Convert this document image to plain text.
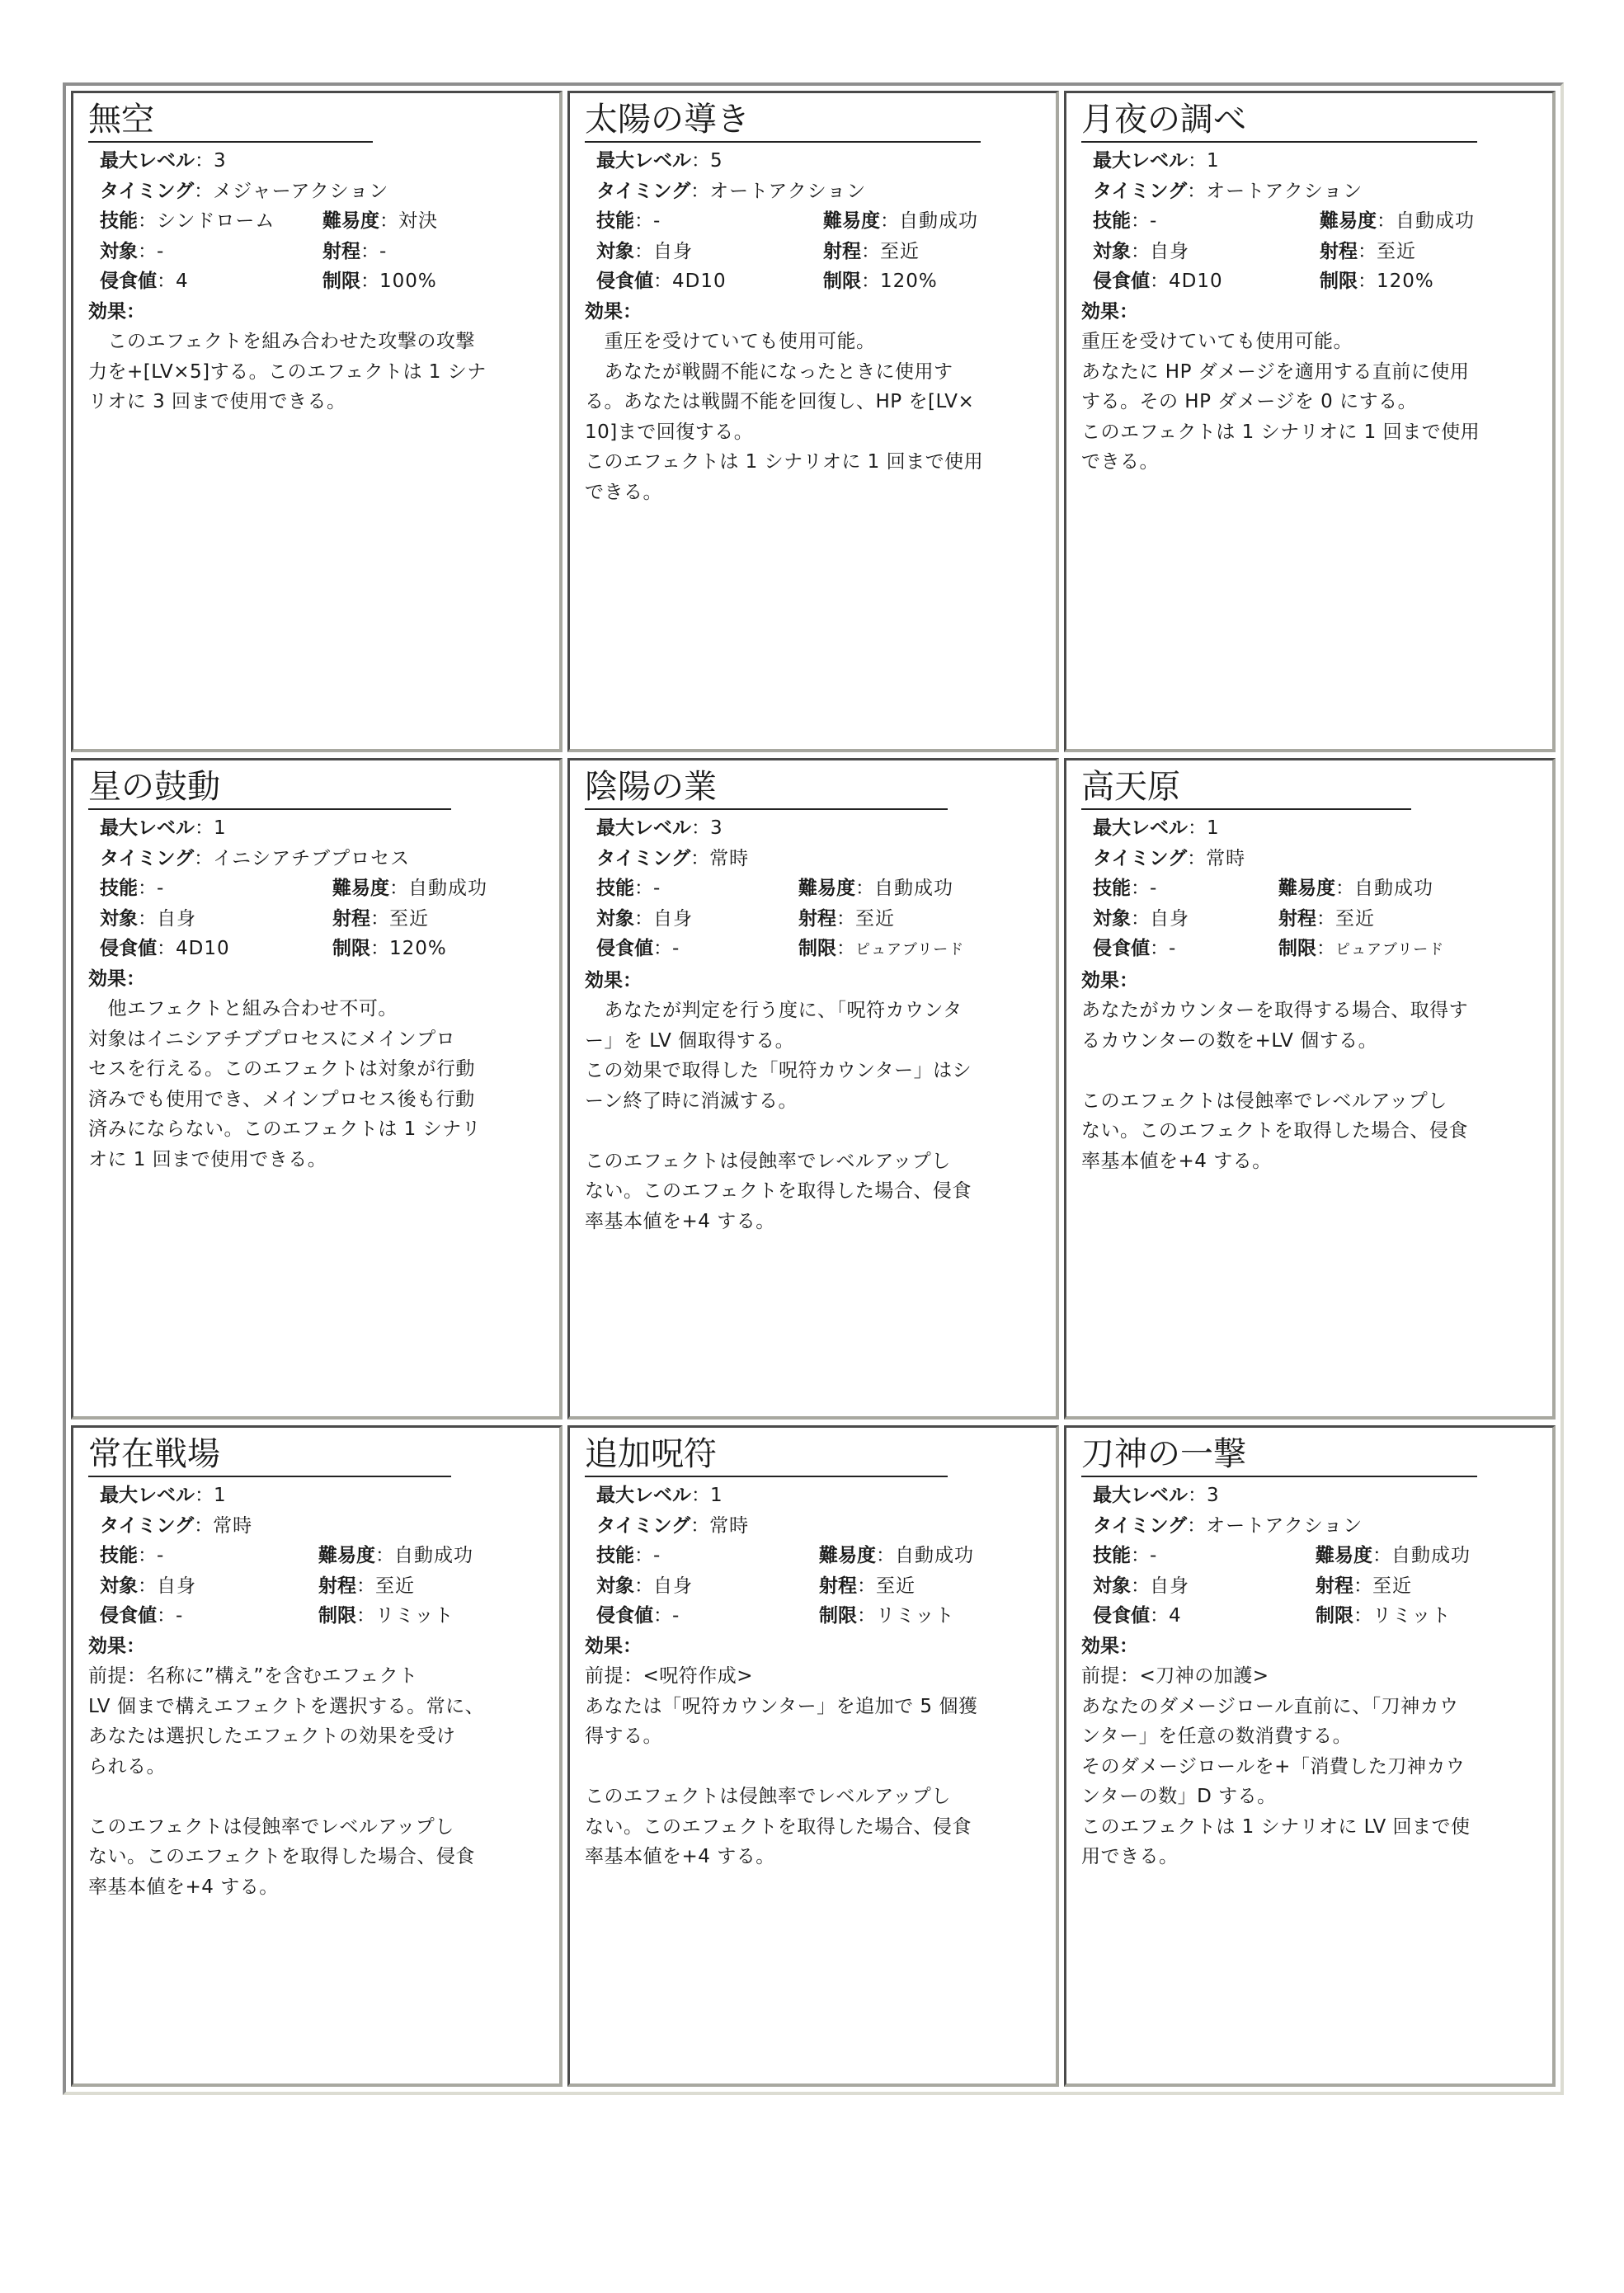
無空
最大レベル：3
タイミング：メジャーアクション
技能：シンドローム	難易度：対決
対象：-	射程：-
侵食値：4	制限：100%
効果：

　このエフェクトを組み合わせた攻撃の攻撃

力を+[LV×5]する。このエフェクトは 1 シナ

リオに 3 回まで使用できる。

太陽の導き
最大レベル：5
タイミング：オートアクション
技能：-	難易度：自動成功
対象：自身	射程：至近
侵食値：4D10	制限：120%
効果：

　重圧を受けていても使用可能。

　あなたが戦闘不能になったときに使用す

る。あなたは戦闘不能を回復し、HP を[LV×

10]まで回復する。

このエフェクトは 1 シナリオに 1 回まで使用

できる。

月夜の調べ
最大レベル：1
タイミング：オートアクション
技能：-	難易度：自動成功
対象：自身	射程：至近
侵食値：4D10	制限：120%
効果：

重圧を受けていても使用可能。

あなたに HP ダメージを適用する直前に使用

する。その HP ダメージを 0 にする。

このエフェクトは 1 シナリオに 1 回まで使用

できる。

星の鼓動
最大レベル：1
タイミング：イニシアチブプロセス
技能：-	難易度：自動成功
対象：自身	射程：至近
侵食値：4D10	制限：120%
効果：

　他エフェクトと組み合わせ不可。

対象はイニシアチブプロセスにメインプロ

セスを行える。このエフェクトは対象が行動

済みでも使用でき、メインプロセス後も行動

済みにならない。このエフェクトは 1 シナリ

オに 1 回まで使用できる。

陰陽の業
最大レベル：3
タイミング：常時
技能：-	難易度：自動成功
対象：自身	射程：至近
侵食値：-	制限：ピュアブリード
効果：

　あなたが判定を行う度に、「呪符カウンタ

ー」を LV 個取得する。

この効果で取得した「呪符カウンター」はシ

ーン終了時に消滅する。

このエフェクトは侵蝕率でレベルアップし

ない。このエフェクトを取得した場合、侵食

率基本値を+4 する。

高天原
最大レベル：1
タイミング：常時
技能：-	難易度：自動成功
対象：自身	射程：至近
侵食値：-	制限：ピュアブリード
効果：

あなたがカウンターを取得する場合、取得す

るカウンターの数を+LV 個する。

このエフェクトは侵蝕率でレベルアップし

ない。このエフェクトを取得した場合、侵食

率基本値を+4 する。

常在戦場
最大レベル：1
タイミング：常時
技能：-	難易度：自動成功
対象：自身	射程：至近
侵食値：-	制限：リミット
効果：

前提：名称に”構え”を含むエフェクト

LV 個まで構えエフェクトを選択する。常に、

あなたは選択したエフェクトの効果を受け

られる。

このエフェクトは侵蝕率でレベルアップし

ない。このエフェクトを取得した場合、侵食

率基本値を+4 する。

追加呪符
最大レベル：1
タイミング：常時
技能：-	難易度：自動成功
対象：自身	射程：至近
侵食値：-	制限：リミット
効果：

前提：<呪符作成>

あなたは「呪符カウンター」を追加で 5 個獲

得する。

このエフェクトは侵蝕率でレベルアップし

ない。このエフェクトを取得した場合、侵食

率基本値を+4 する。

刀神の一撃
最大レベル：3
タイミング：オートアクション
技能：-	難易度：自動成功
対象：自身	射程：至近
侵食値：4	制限：リミット
効果：

前提：<刀神の加護>

あなたのダメージロール直前に、「刀神カウ

ンター」を任意の数消費する。

そのダメージロールを+「消費した刀神カウ

ンターの数」D する。

このエフェクトは 1 シナリオに LV 回まで使

用できる。
